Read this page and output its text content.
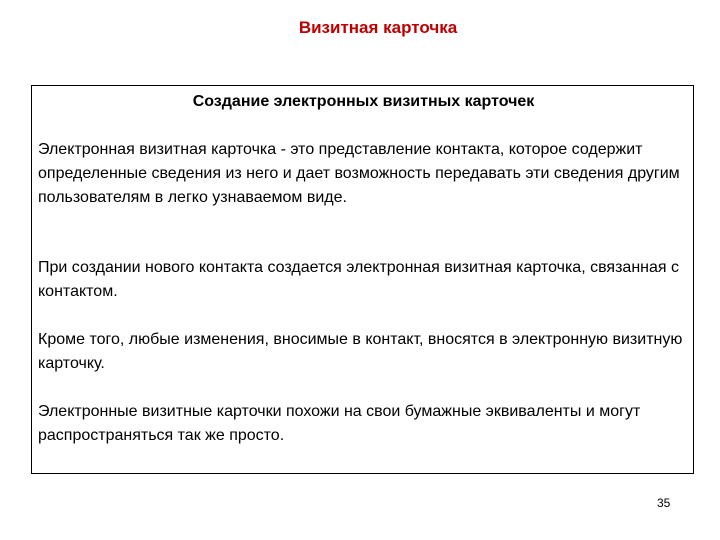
Визитная карточка
Создание электронных визитных карточек

Электронная визитная карточка - это представление контакта, которое содержит определенные сведения из него и дает возможность передавать эти сведения другим пользователям в легко узнаваемом виде.

При создании нового контакта создается электронная визитная карточка, связанная с контактом.

Кроме того, любые изменения, вносимые в контакт, вносятся в электронную визитную карточку.

Электронные визитные карточки похожи на свои бумажные эквиваленты и могут распространяться так же просто.

35
